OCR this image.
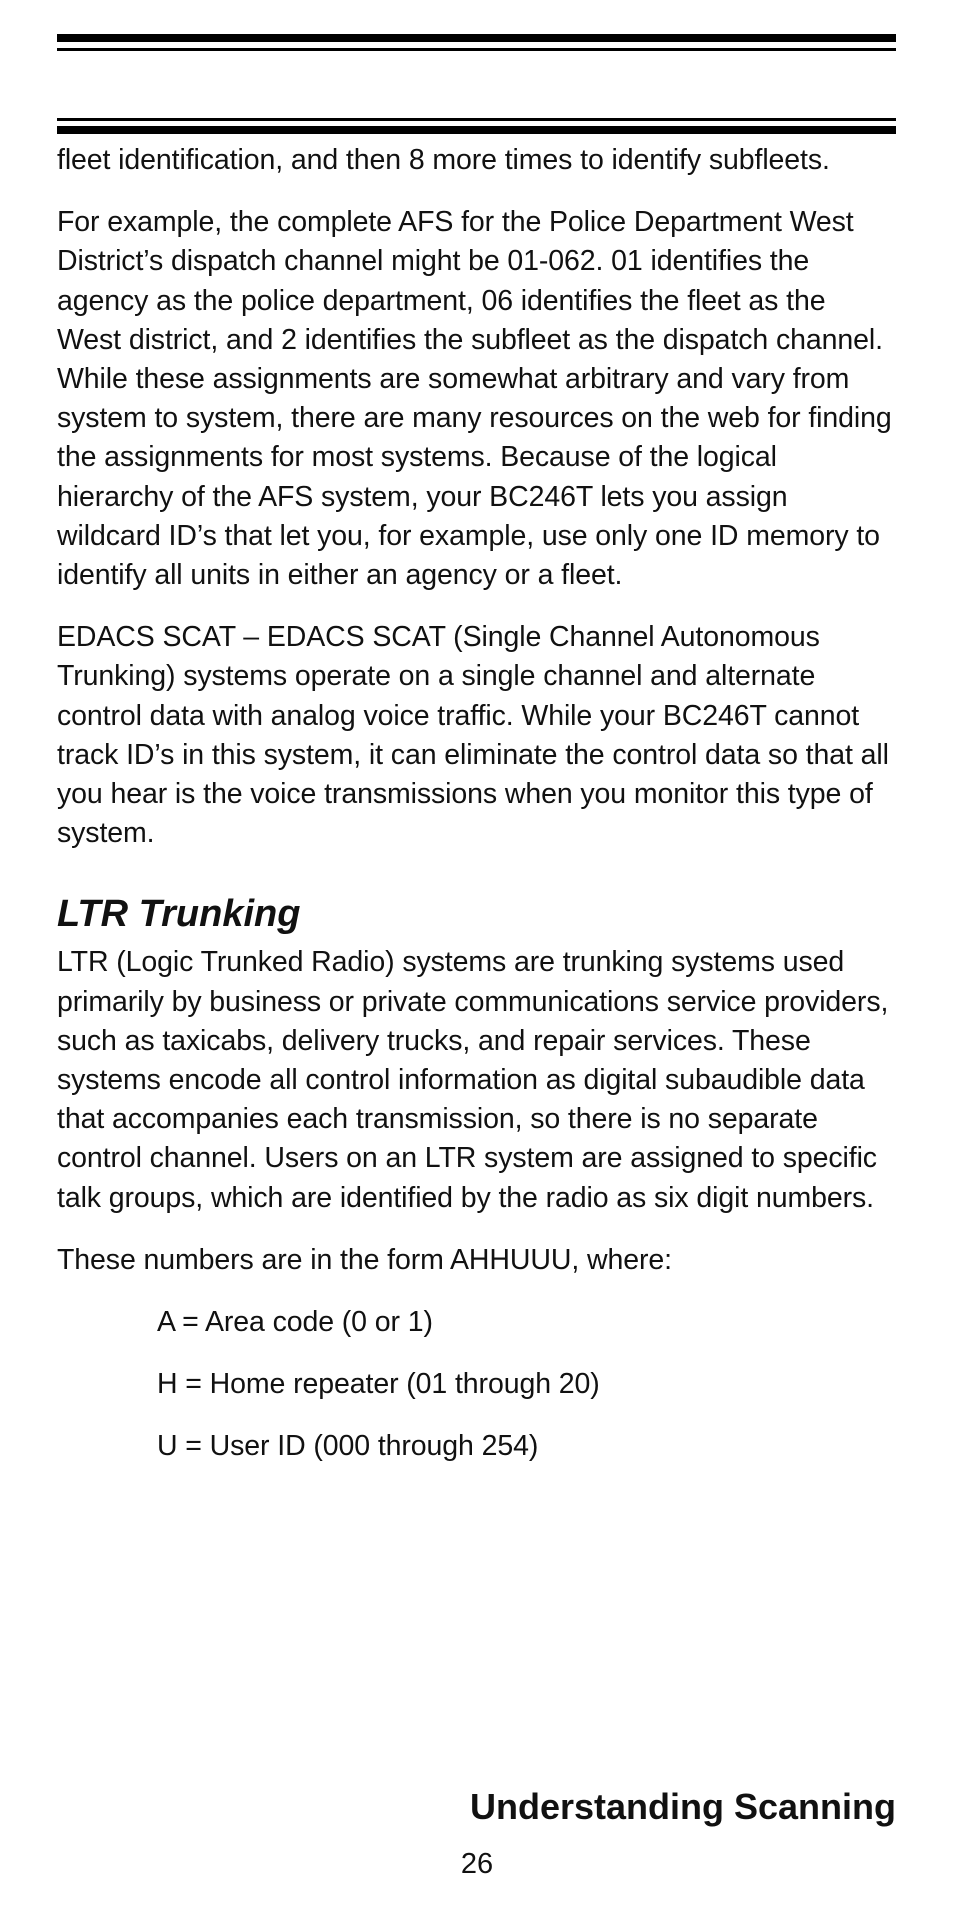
fleet identification, and then 8 more times to identify subfleets.

For example, the complete AFS for the Police Department West District’s dispatch channel might be 01-062. 01 identifies the agency as the police department, 06 identifies the fleet as the West district, and 2 identifies the subfleet as the dispatch channel. While these assignments are somewhat arbitrary and vary from system to system, there are many resources on the web for finding the assignments for most systems. Because of the logical hierarchy of the AFS system, your BC246T lets you assign wildcard ID’s that let you, for example, use only one ID memory to identify all units in either an agency or a fleet.

EDACS SCAT – EDACS SCAT (Single Channel Autonomous Trunking) systems operate on a single channel and alternate control data with analog voice traffic. While your BC246T cannot track ID’s in this system, it can eliminate the control data so that all you hear is the voice transmissions when you monitor this type of system.

LTR Trunking

LTR (Logic Trunked Radio) systems are trunking systems used primarily by business or private communications service providers, such as taxicabs, delivery trucks, and repair services. These systems encode all control information as digital subaudible data that accompanies each transmission, so there is no separate control channel. Users on an LTR system are assigned to specific talk groups, which are identified by the radio as six digit numbers.

These numbers are in the form AHHUUU, where:

A = Area code (0 or 1)

H = Home repeater (01 through 20)

U = User ID (000 through 254)

Understanding Scanning
26
